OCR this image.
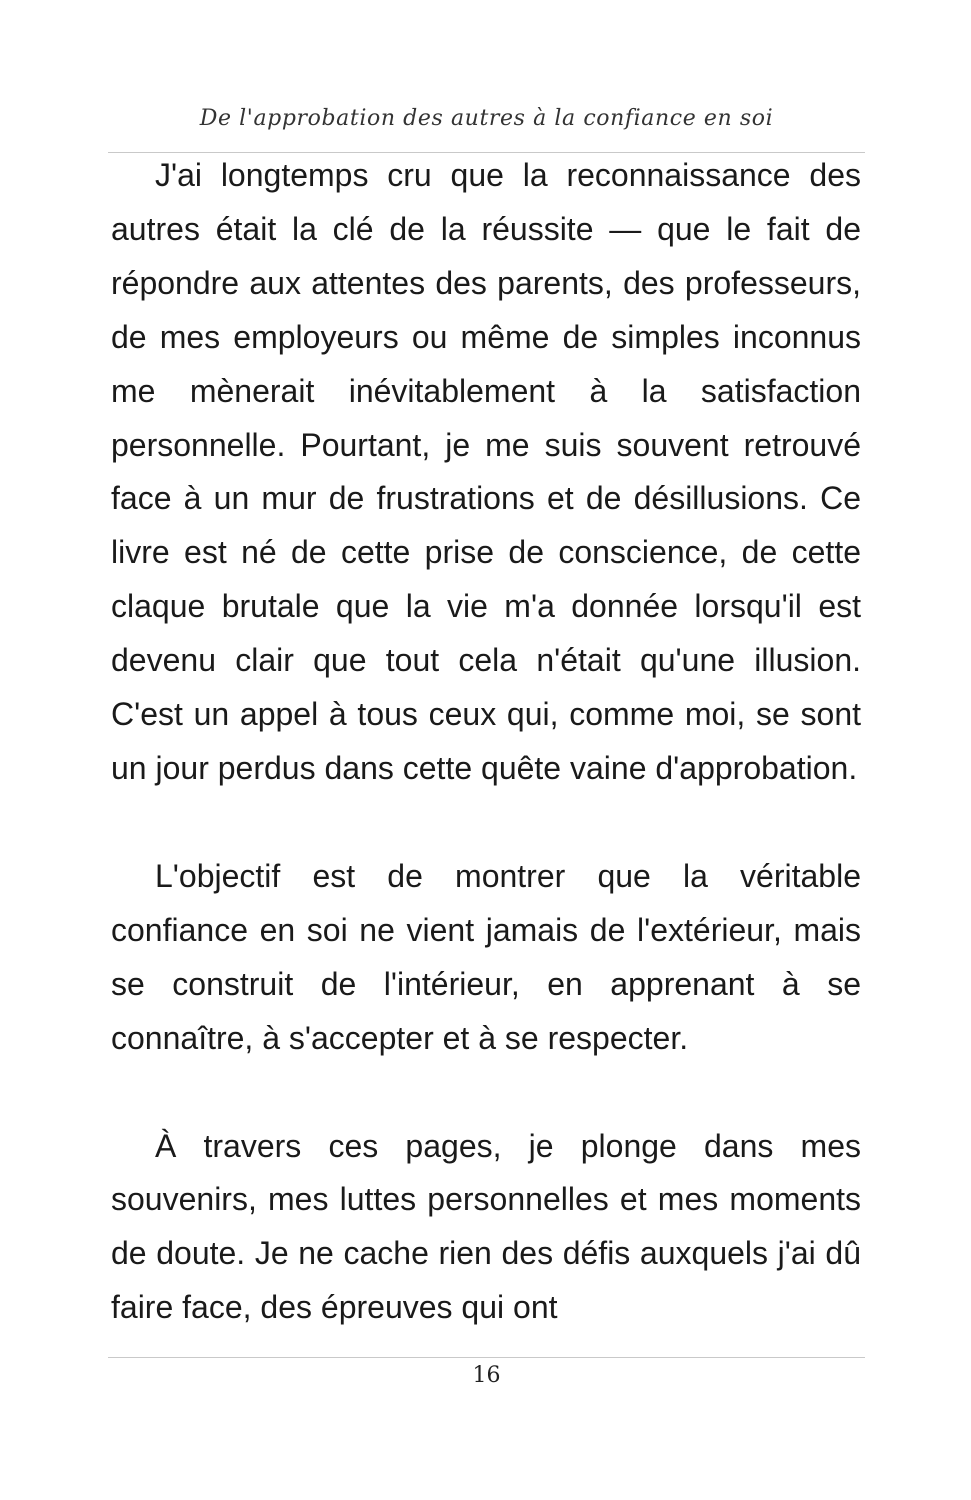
De l'approbation des autres à la confiance en soi

J'ai longtemps cru que la reconnaissance des autres était la clé de la réussite — que le fait de répondre aux attentes des parents, des professeurs, de mes employeurs ou même de simples inconnus me mènerait inévitablement à la satisfaction personnelle. Pourtant, je me suis souvent retrouvé face à un mur de frustrations et de désillusions. Ce livre est né de cette prise de conscience, de cette claque brutale que la vie m'a donnée lorsqu'il est devenu clair que tout cela n'était qu'une illusion. C'est un appel à tous ceux qui, comme moi, se sont un jour perdus dans cette quête vaine d'approbation.

L'objectif est de montrer que la véritable confiance en soi ne vient jamais de l'extérieur, mais se construit de l'intérieur, en apprenant à se connaître, à s'accepter et à se respecter.

À travers ces pages, je plonge dans mes souvenirs, mes luttes personnelles et mes moments de doute. Je ne cache rien des défis auxquels j'ai dû faire face, des épreuves qui ont

16
